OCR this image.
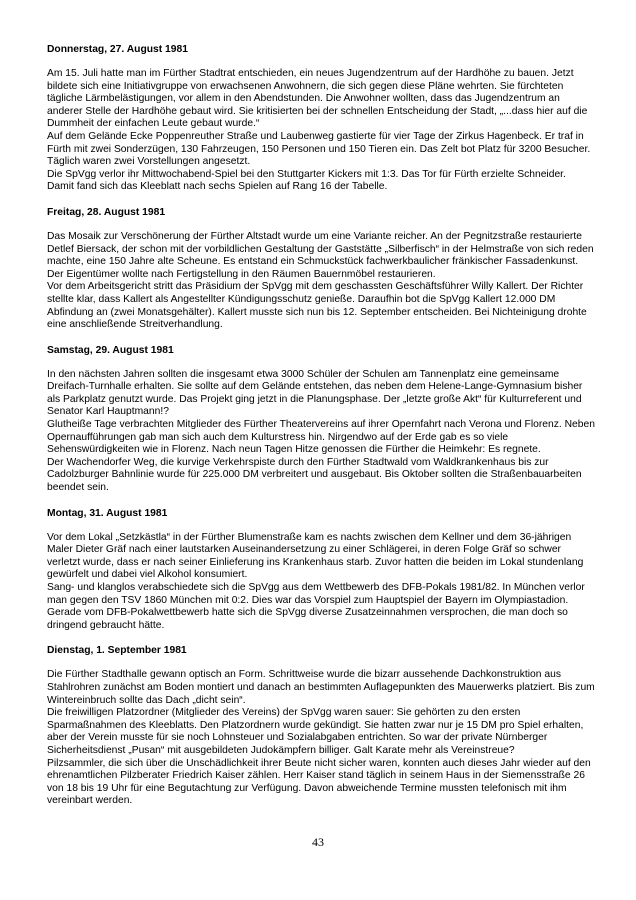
Donnerstag, 27. August 1981

Am 15. Juli hatte man im Fürther Stadtrat entschieden, ein neues Jugendzentrum auf der Hardhöhe zu bauen. Jetzt bildete sich eine Initiativgruppe von erwachsenen Anwohnern, die sich gegen diese Pläne wehrten. Sie fürchteten tägliche Lärmbelästigungen, vor allem in den Abendstunden. Die Anwohner wollten, dass das Jugendzentrum an anderer Stelle der Hardhöhe gebaut wird. Sie kritisierten bei der schnellen Entscheidung der Stadt, „...dass hier auf die Dummheit der einfachen Leute gebaut wurde.“

Auf dem Gelände Ecke Poppenreuther Straße und Laubenweg gastierte für vier Tage der Zirkus Hagenbeck. Er traf in Fürth mit zwei Sonderzügen, 130 Fahrzeugen, 150 Personen und 150 Tieren ein. Das Zelt bot Platz für 3200 Besucher. Täglich waren zwei Vorstellungen angesetzt.

Die SpVgg verlor ihr Mittwochabend-Spiel bei den Stuttgarter Kickers mit 1:3. Das Tor für Fürth erzielte Schneider. Damit fand sich das Kleeblatt nach sechs Spielen auf Rang 16 der Tabelle.

Freitag, 28. August 1981

Das Mosaik zur Verschönerung der Fürther Altstadt wurde um eine Variante reicher. An der Pegnitzstraße restaurierte Detlef Biersack, der schon mit der vorbildlichen Gestaltung der Gaststätte „Silberfisch“ in der Helmstraße von sich reden machte, eine 150 Jahre alte Scheune. Es entstand ein Schmuckstück fachwerkbaulicher fränkischer Fassadenkunst. Der Eigentümer wollte nach Fertigstellung in den Räumen Bauernmöbel restaurieren.

Vor dem Arbeitsgericht stritt das Präsidium der SpVgg mit dem geschassten Geschäftsführer Willy Kallert. Der Richter stellte klar, dass Kallert als Angestellter Kündigungsschutz genieße. Daraufhin bot die SpVgg Kallert 12.000 DM Abfindung an (zwei Monatsgehälter). Kallert musste sich nun bis 12. September entscheiden. Bei Nichteinigung drohte eine anschließende Streitverhandlung.

Samstag, 29. August 1981

In den nächsten Jahren sollten die insgesamt etwa 3000 Schüler der Schulen am Tannenplatz eine gemeinsame Dreifach-Turnhalle erhalten. Sie sollte auf dem Gelände entstehen, das neben dem Helene-Lange-Gymnasium bisher als Parkplatz genutzt wurde. Das Projekt ging jetzt in die Planungsphase. Der „letzte große Akt“ für Kulturreferent und Senator Karl Hauptmann!?

Glutheiße Tage verbrachten Mitglieder des Fürther Theatervereins auf ihrer Opernfahrt nach Verona und Florenz. Neben Opernaufführungen gab man sich auch dem Kulturstress hin. Nirgendwo auf der Erde gab es so viele Sehenswürdigkeiten wie in Florenz. Nach neun Tagen Hitze genossen die Fürther die Heimkehr: Es regnete.

Der Wachendorfer Weg, die kurvige Verkehrspiste durch den Fürther Stadtwald vom Waldkrankenhaus bis zur Cadolzburger Bahnlinie wurde für 225.000 DM verbreitert und ausgebaut. Bis Oktober sollten die Straßenbauarbeiten beendet sein.

Montag, 31. August 1981

Vor dem Lokal „Setzkästla“ in der Fürther Blumenstraße kam es nachts zwischen dem Kellner und dem 36-jährigen Maler Dieter Gräf nach einer lautstarken Auseinandersetzung zu einer Schlägerei, in deren Folge Gräf so schwer verletzt wurde, dass er nach seiner Einlieferung ins Krankenhaus starb. Zuvor hatten die beiden im Lokal stundenlang gewürfelt und dabei viel Alkohol konsumiert.

Sang- und klanglos verabschiedete sich die SpVgg aus dem Wettbewerb des DFB-Pokals 1981/82. In München verlor man gegen den TSV 1860 München mit 0:2. Dies war das Vorspiel zum Hauptspiel der Bayern im Olympiastadion. Gerade vom DFB-Pokalwettbewerb hatte sich die SpVgg diverse Zusatzeinnahmen versprochen, die man doch so dringend gebraucht hätte.

Dienstag, 1. September 1981

Die Fürther Stadthalle gewann optisch an Form. Schrittweise wurde die bizarr aussehende Dachkonstruktion aus Stahlrohren zunächst am Boden montiert und danach an bestimmten Auflagepunkten des Mauerwerks platziert. Bis zum Wintereinbruch sollte das Dach „dicht sein“.

Die freiwilligen Platzordner (Mitglieder des Vereins) der SpVgg waren sauer: Sie gehörten zu den ersten Sparmaßnahmen des Kleeblatts. Den Platzordnern wurde gekündigt. Sie hatten zwar nur je 15 DM pro Spiel erhalten, aber der Verein musste für sie noch Lohnsteuer und Sozialabgaben entrichten. So war der private Nürnberger Sicherheitsdienst „Pusan“ mit ausgebildeten Judokämpfern billiger. Galt Karate mehr als Vereinstreue?

Pilzsammler, die sich über die Unschädlichkeit ihrer Beute nicht sicher waren, konnten auch dieses Jahr wieder auf den ehrenamtlichen Pilzberater Friedrich Kaiser zählen. Herr Kaiser stand täglich in seinem Haus in der Siemensstraße 26 von 18 bis 19 Uhr für eine Begutachtung zur Verfügung. Davon abweichende Termine mussten telefonisch mit ihm vereinbart werden.

43
